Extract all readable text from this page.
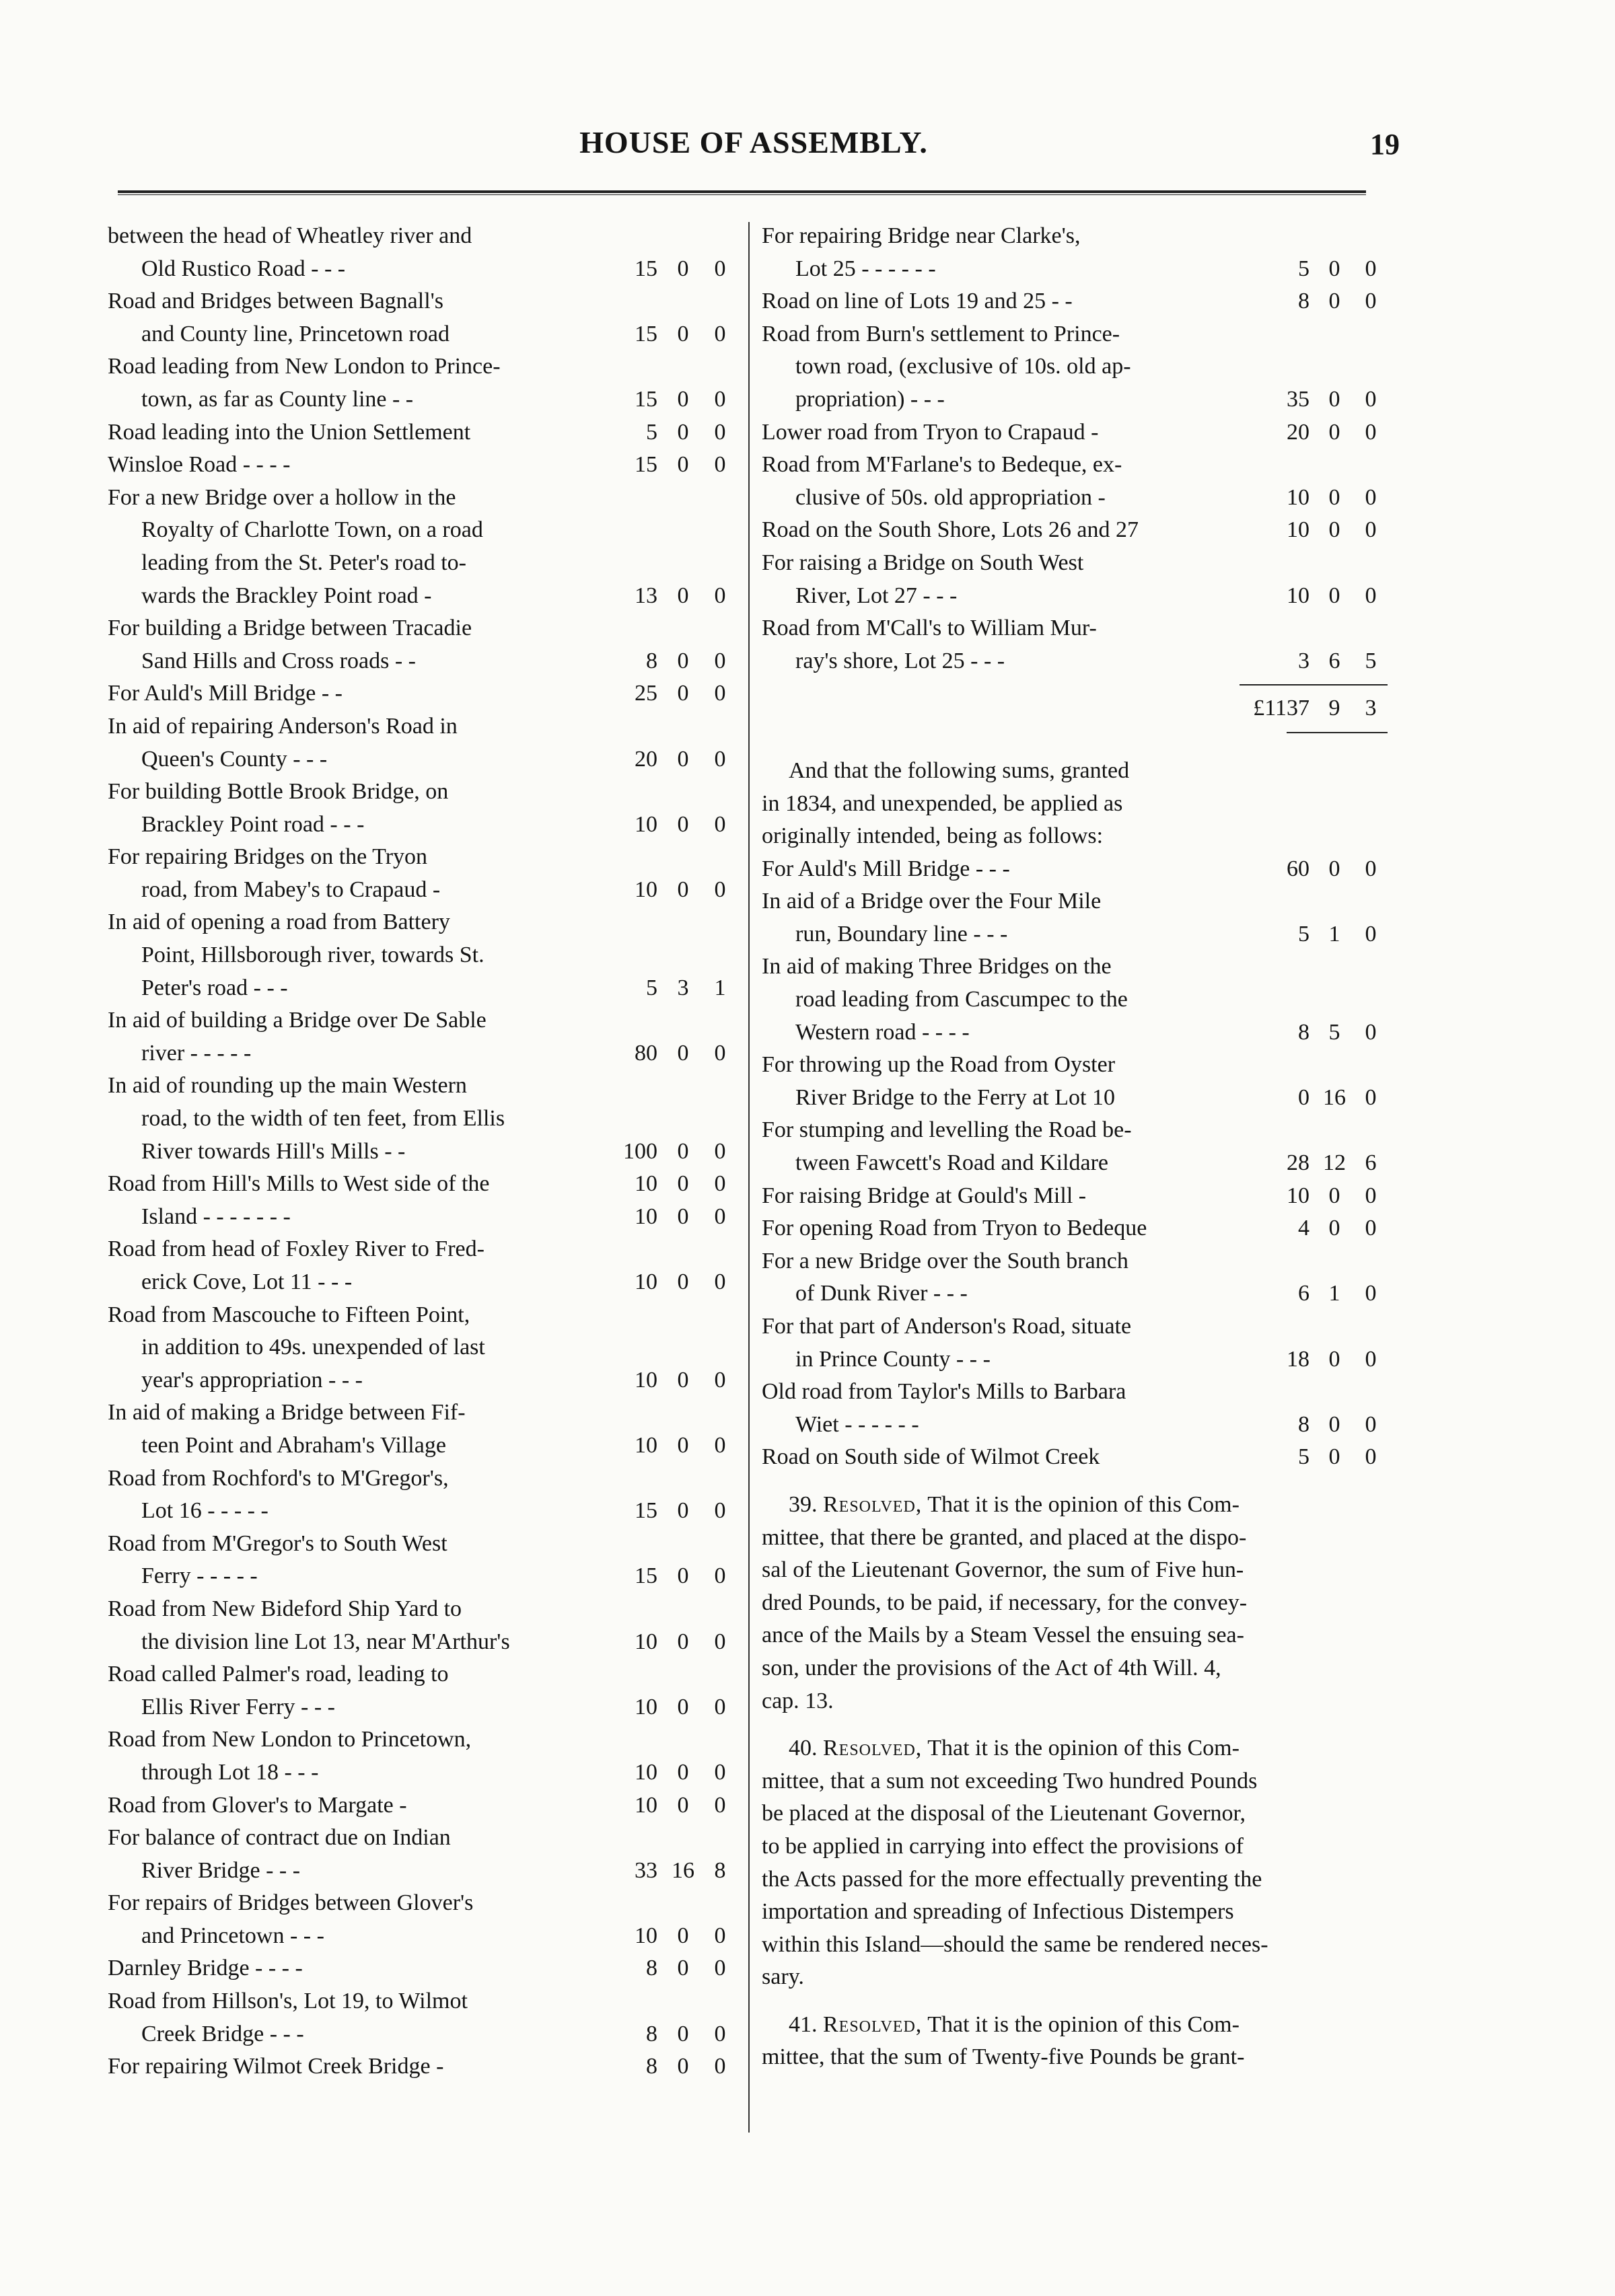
HOUSE OF ASSEMBLY.	19

between the head of Wheatley river and

Old Rustico Road - - -	15 0	0

Road and Bridges between Bagnall's

and County line, Princetown road	15 0	0

Road leading from New London to Prince-

town, as far as County line - -	15 0	0

Road leading into the Union Settlement	5 0	0

Winsloe Road - - - -	15 0	0

For a new Bridge over a hollow in the

Royalty of Charlotte Town, on a road

leading from the St. Peter's road to-

wards the Brackley Point road -	13 0	0

For building a Bridge between Tracadie

Sand Hills and Cross roads - -	8 0	0

For Auld's Mill Bridge - -	25 0	0

In aid of repairing Anderson's Road in

Queen's County - - -	20 0	0

For building Bottle Brook Bridge, on

Brackley Point road - - -	10 0	0

For repairing Bridges on the Tryon

road, from Mabey's to Crapaud -	10 0	0

In aid of opening a road from Battery

Point, Hillsborough river, towards St.

Peter's road - - -	5 3	1

In aid of building a Bridge over De Sable

river - - - - -	80 0	0

In aid of rounding up the main Western

road, to the width of ten feet, from Ellis

River towards Hill's Mills - -	100 0	0

Road from Hill's Mills to West side of the	10 0	0

Island - - - - - - -	10 0	0

Road from head of Foxley River to Fred-

erick Cove, Lot 11 - - -	10 0	0

Road from Mascouche to Fifteen Point,

in addition to 49s. unexpended of last

year's appropriation - - -	10 0	0

In aid of making a Bridge between Fif-

teen Point and Abraham's Village	10 0	0

Road from Rochford's to M'Gregor's,

Lot 16 - - - - -	15 0	0

Road from M'Gregor's to South West

Ferry - - - - -	15 0	0

Road from New Bideford Ship Yard to

the division line Lot 13, near M'Arthur's	10 0	0

Road called Palmer's road, leading to

Ellis River Ferry - - -	10 0	0

Road from New London to Princetown,

through Lot 18 - - -	10 0	0

Road from Glover's to Margate -	10 0	0

For balance of contract due on Indian

River Bridge - - -	33 16 8

For repairs of Bridges between Glover's

and Princetown - - -	10 0	0

Darnley Bridge - - - -	8 0	0

Road from Hillson's, Lot 19, to Wilmot

Creek Bridge - - -	8 0	0

For repairing Wilmot Creek Bridge -	8 0	0

For repairing Bridge near Clarke's,

Lot 25 - - - - - -	5 0	0

Road on line of Lots 19 and 25 - -	8 0	0

Road from Burn's settlement to Prince-

town road, (exclusive of 10s. old ap-

propriation) - - -	35 0	0

Lower road from Tryon to Crapaud -	20 0	0

Road from M'Farlane's to Bedeque, ex-

clusive of 50s. old appropriation -	10 0	0

Road on the South Shore, Lots 26 and 27	10 0	0

For raising a Bridge on South West

River, Lot 27 - - -	10 0	0

Road from M'Call's to William Mur-

ray's shore, Lot 25 - - -	3 6	5
£1137 9	3

And that the following sums, granted

in 1834, and unexpended, be applied as

originally intended, being as follows:

For Auld's Mill Bridge - - -	60 0	0

In aid of a Bridge over the Four Mile

run, Boundary line - - -	5 1	0

In aid of making Three Bridges on the

road leading from Cascumpec to the

Western road - - - -	8 5	0

For throwing up the Road from Oyster

River Bridge to the Ferry at Lot 10	0 16 0

For stumping and levelling the Road be-

tween Fawcett's Road and Kildare	28 12 6

For raising Bridge at Gould's Mill -	10 0	0

For opening Road from Tryon to Bedeque	4 0	0

For a new Bridge over the South branch

of Dunk River - - -	6 1	0

For that part of Anderson's Road, situate

in Prince County - - -	18 0	0

Old road from Taylor's Mills to Barbara

Wiet - - - - - -	8 0	0

Road on South side of Wilmot Creek	5 0	0

39. Resolved, That it is the opinion of this Com-

mittee, that there be granted, and placed at the dispo-

sal of the Lieutenant Governor, the sum of Five hun-

dred Pounds, to be paid, if necessary, for the convey-

ance of the Mails by a Steam Vessel the ensuing sea-

son, under the provisions of the Act of 4th Will. 4,

cap. 13.

40. Resolved, That it is the opinion of this Com-

mittee, that a sum not exceeding Two hundred Pounds

be placed at the disposal of the Lieutenant Governor,

to be applied in carrying into effect the provisions of

the Acts passed for the more effectually preventing the

importation and spreading of Infectious Distempers

within this Island—should the same be rendered neces-

sary.

41. Resolved, That it is the opinion of this Com-

mittee, that the sum of Twenty-five Pounds be grant-
